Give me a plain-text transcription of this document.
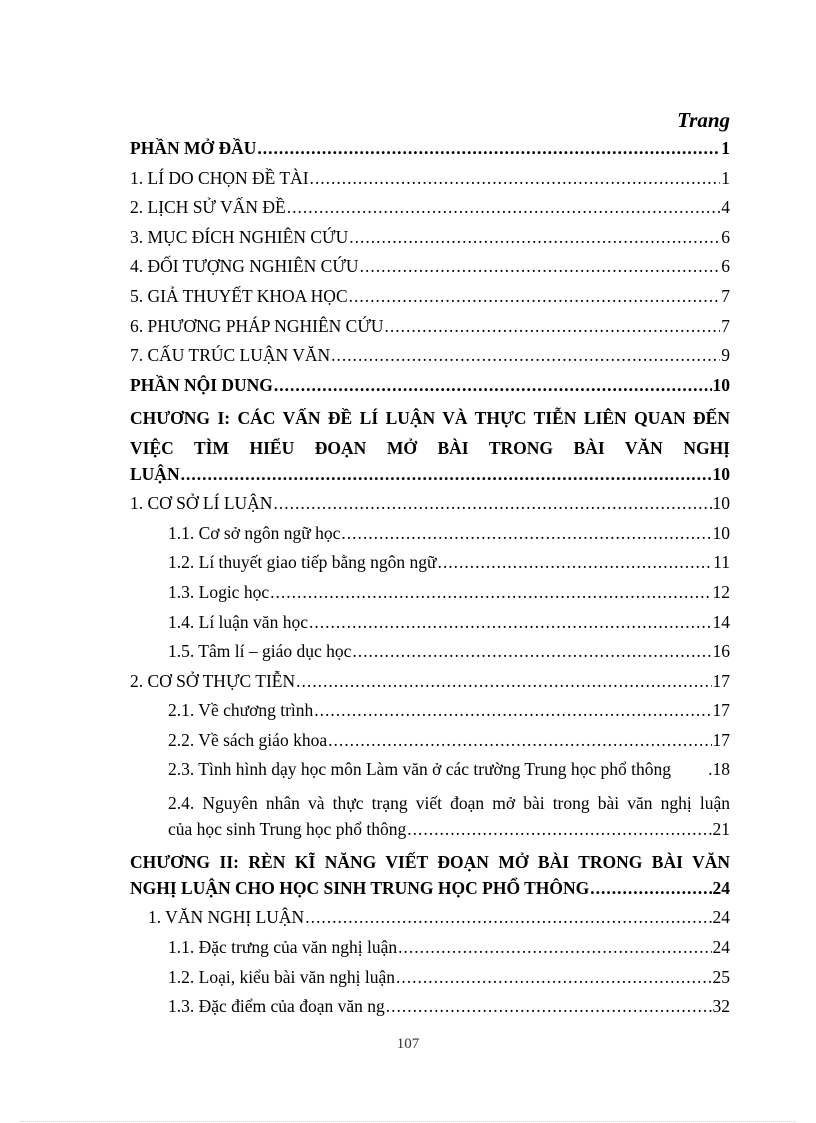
Trang
PHẦN MỞ ĐẦU .....	1
1. LÍ DO CHỌN ĐỀ TÀI .....	1
2. LỊCH SỬ VẤN ĐỀ .....	4
3. MỤC ĐÍCH NGHIÊN CỨU .....	6
4. ĐỐI TƯỢNG NGHIÊN CỨU .....	6
5. GIẢ THUYẾT KHOA HỌC .....	7
6. PHƯƠNG PHÁP NGHIÊN CỨU .....	7
7. CẤU TRÚC LUẬN VĂN .....	9
PHẦN NỘI DUNG .....	10
CHƯƠNG I: CÁC VẤN ĐỀ LÍ LUẬN VÀ THỰC TIỄN LIÊN QUAN ĐẾN VIỆC TÌM HIỂU ĐOẠN MỞ BÀI TRONG BÀI VĂN NGHỊ
LUẬN .....	10
1. CƠ SỞ LÍ LUẬN .....	10
1.1. Cơ sở ngôn ngữ học .....	10
1.2. Lí thuyết giao tiếp bằng ngôn ngữ .....	11
1.3. Logic học .....	12
1.4. Lí luận văn học .....	14
1.5. Tâm lí – giáo dục học .....	16
2. CƠ SỞ THỰC TIỄN .....	17
2.1. Về chương trình .....	17
2.2. Về sách giáo khoa .....	17
2.3. Tình hình dạy học môn Làm văn ở các trường Trung học phổ thông .18
2.4. Nguyên nhân và thực trạng viết đoạn mở bài trong bài văn nghị luận
của học sinh Trung học phổ thông .....	21
CHƯƠNG II: RÈN KĨ NĂNG VIẾT ĐOẠN MỞ BÀI TRONG BÀI VĂN
NGHỊ LUẬN CHO HỌC SINH TRUNG HỌC PHỔ THÔNG .....	24
1. VĂN NGHỊ LUẬN .....	24
1.1. Đặc trưng của văn nghị luận .....	24
1.2. Loại, kiểu bài văn nghị luận .....	25
1.3. Đặc điểm của đoạn văn ng .....	32
107
